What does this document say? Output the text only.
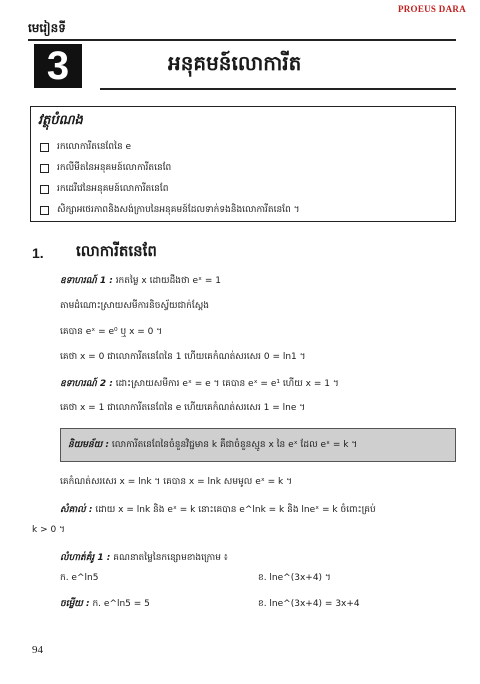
PROEUS DARA
មេរៀនទី
3	អនុគមន៍លោការីត
វត្ថុបំណង
រកលោការីតនេពែនៃ e
រកលីមីតនៃអនុគមន៍លោការីតនេពែ
រកដេរីវេនៃអនុគមន៍លោការីតនេពែ
សិក្សាអថេរភាពនិងសង់ក្រាបនៃអនុគមន៍ដែលទាក់ទងនិងលោការីតនេពែ ។
1. លោការីតនេពែ
ឧទាហរណ៍ 1 : រកតម្លៃ x ដោយដឹងថា eˣ = 1
តាមដំណោះស្រាយសមីការនិចស្វ័យជាក់ស្តែង
គេបាន eˣ = e⁰ ឬ x = 0 ។
គេថា x = 0 ជាលោការីតនេពែនៃ 1 ហើយគេកំណត់សរសេរ 0 = ln1 ។
ឧទាហរណ៍ 2 : ដោះស្រាយសមីការ eˣ = e ។ គេបាន eˣ = e¹ ហើយ x = 1 ។
គេថា x = 1 ជាលោការីតនេពែនៃ e ហើយគេកំណត់សរសេរ 1 = lne ។
និយមន័យ : លោការីតនេពែនៃចំនួនវិជ្ជមាន k គឺជាចំនួនស្មូន x នៃ eˣ ដែល eˣ = k ។
គេកំណត់សរសេរ x = lnk ។ គេបាន x = lnk សមមូល eˣ = k ។
សំគាល់ : ដោយ x = lnk និង eˣ = k នោះគេបាន e^lnk = k និង lneˣ = k ចំពោះគ្រប់
k > 0 ។
លំហាត់គំរូ 1 : គណនាតម្លៃនៃកន្សោមខាងក្រោម ៖
ក. e^ln5	ខ. lne^(3x+4) ។
ចម្លើយ : ក. e^ln5 = 5	ខ. lne^(3x+4) = 3x+4
94
